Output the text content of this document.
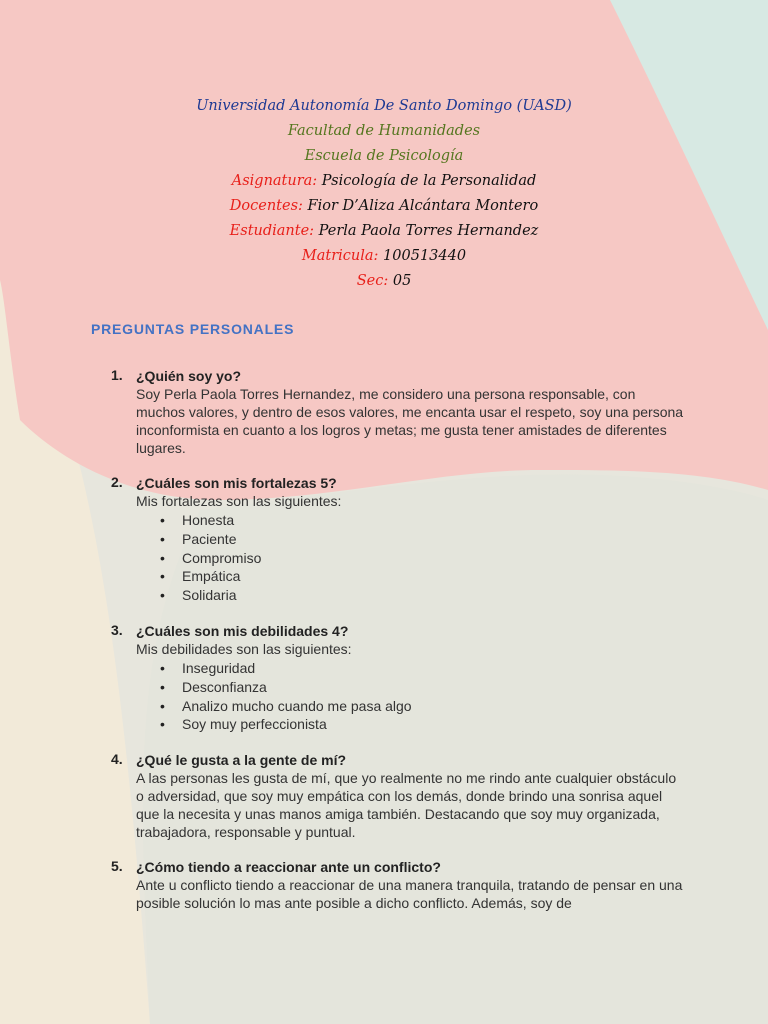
Universidad Autonomía De Santo Domingo (UASD)
Facultad de Humanidades
Escuela de Psicología
Asignatura: Psicología de la Personalidad
Docentes: Fior D’Aliza Alcántara Montero
Estudiante: Perla Paola Torres Hernandez
Matricula: 100513440
Sec: 05
PREGUNTAS PERSONALES
1. ¿Quién soy yo?
Soy Perla Paola Torres Hernandez, me considero una persona responsable, con muchos valores, y dentro de esos valores, me encanta usar el respeto, soy una persona inconformista en cuanto a los logros y metas; me gusta tener amistades de diferentes lugares.
2. ¿Cuáles son mis fortalezas 5?
Mis fortalezas son las siguientes:
• Honesta
• Paciente
• Compromiso
• Empática
• Solidaria
3. ¿Cuáles son mis debilidades 4?
Mis debilidades son las siguientes:
• Inseguridad
• Desconfianza
• Analizo mucho cuando me pasa algo
• Soy muy perfeccionista
4. ¿Qué le gusta a la gente de mí?
A las personas les gusta de mí, que yo realmente no me rindo ante cualquier obstáculo o adversidad, que soy muy empática con los demás, donde brindo una sonrisa aquel que la necesita y unas manos amiga también. Destacando que soy muy organizada, trabajadora, responsable y puntual.
5. ¿Cómo tiendo a reaccionar ante un conflicto?
Ante u conflicto tiendo a reaccionar de una manera tranquila, tratando de pensar en una posible solución lo mas ante posible a dicho conflicto. Además, soy de
